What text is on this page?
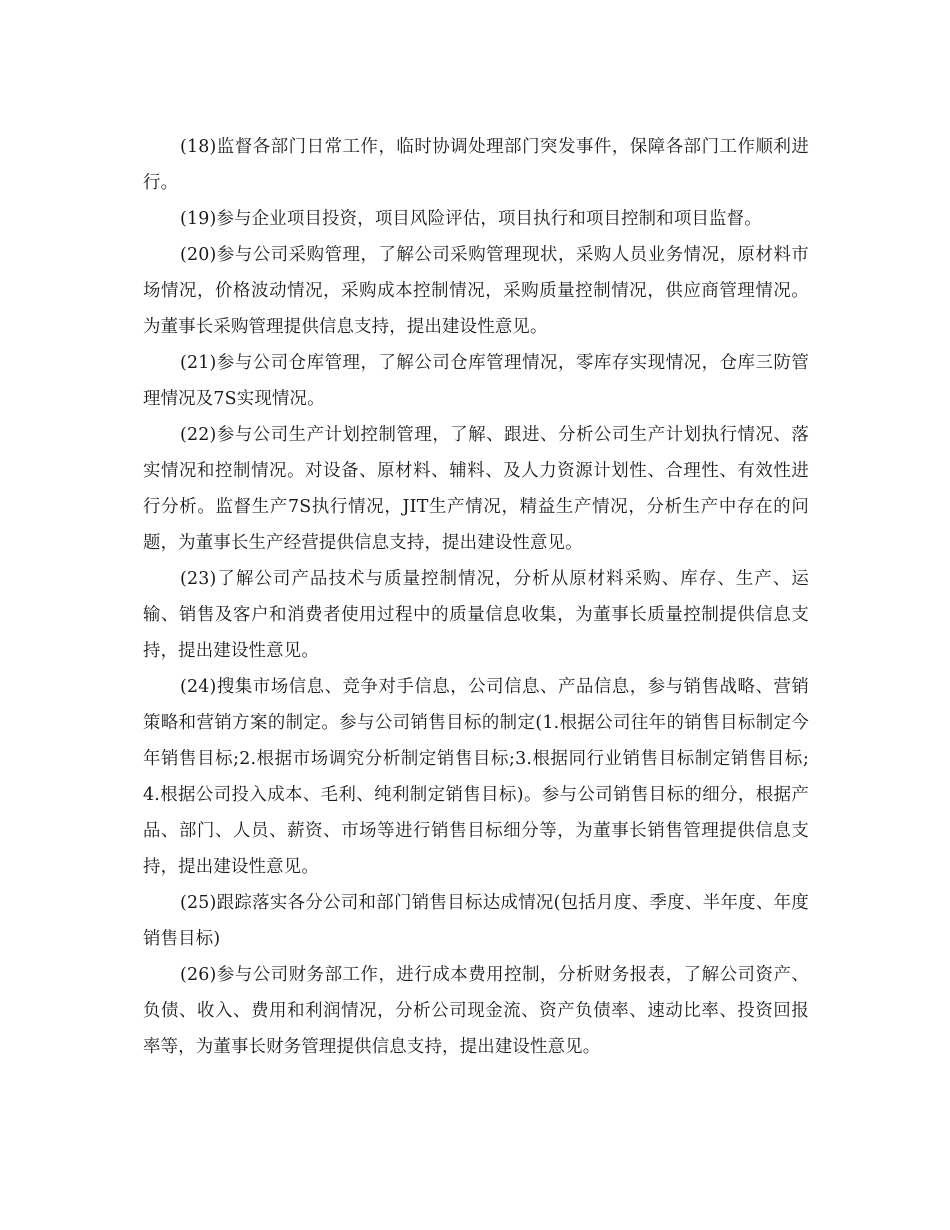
(18)监督各部门日常工作，临时协调处理部门突发事件，保障各部门工作顺利进行。

(19)参与企业项目投资，项目风险评估，项目执行和项目控制和项目监督。

(20)参与公司采购管理，了解公司采购管理现状，采购人员业务情况，原材料市场情况，价格波动情况，采购成本控制情况，采购质量控制情况，供应商管理情况。为董事长采购管理提供信息支持，提出建设性意见。

(21)参与公司仓库管理，了解公司仓库管理情况，零库存实现情况，仓库三防管理情况及7S实现情况。

(22)参与公司生产计划控制管理，了解、跟进、分析公司生产计划执行情况、落实情况和控制情况。对设备、原材料、辅料、及人力资源计划性、合理性、有效性进行分析。监督生产7S执行情况，JIT生产情况，精益生产情况，分析生产中存在的问题，为董事长生产经营提供信息支持，提出建设性意见。

(23)了解公司产品技术与质量控制情况，分析从原材料采购、库存、生产、运输、销售及客户和消费者使用过程中的质量信息收集，为董事长质量控制提供信息支持，提出建设性意见。

(24)搜集市场信息、竞争对手信息，公司信息、产品信息，参与销售战略、营销策略和营销方案的制定。参与公司销售目标的制定(1.根据公司往年的销售目标制定今年销售目标;2.根据市场调究分析制定销售目标;3.根据同行业销售目标制定销售目标;4.根据公司投入成本、毛利、纯利制定销售目标)。参与公司销售目标的细分，根据产品、部门、人员、薪资、市场等进行销售目标细分等，为董事长销售管理提供信息支持，提出建设性意见。

(25)跟踪落实各分公司和部门销售目标达成情况(包括月度、季度、半年度、年度销售目标)

(26)参与公司财务部工作，进行成本费用控制，分析财务报表，了解公司资产、负债、收入、费用和利润情况，分析公司现金流、资产负债率、速动比率、投资回报率等，为董事长财务管理提供信息支持，提出建设性意见。
